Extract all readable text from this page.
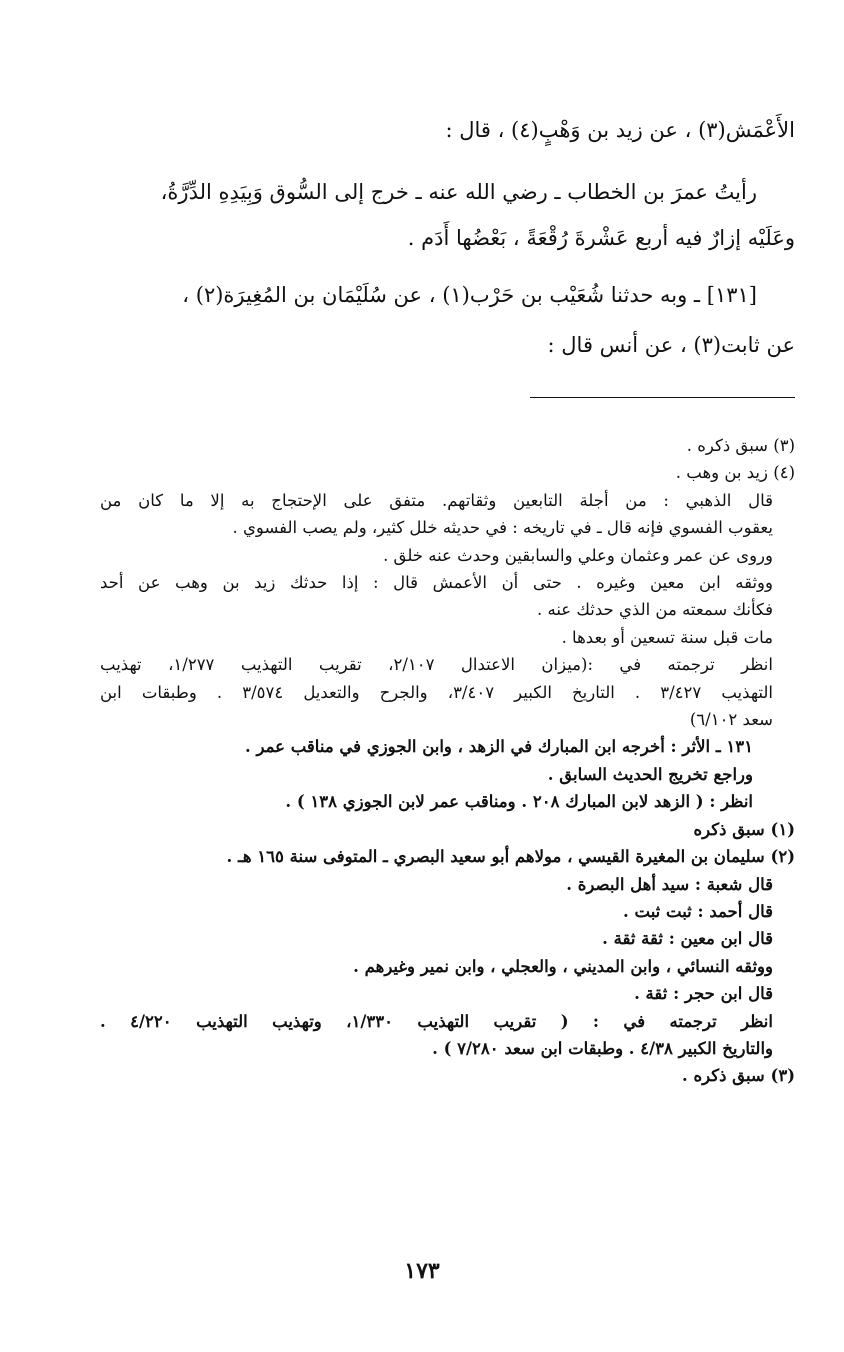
الأَعْمَش(٣) ، عن زيد بن وَهْبٍ(٤) ، قال :

رأيتُ عمرَ بن الخطاب ـ رضي الله عنه ـ خرج إلى السُّوق وَبِيَدِهِ الدِّرَّةُ،

وعَلَيْه إزارٌ فيه أربع عَشْرةَ رُقْعَةً ، بَعْضُها أَدَم .

[١٣١] ـ وبه حدثنا شُعَيْب بن حَرْب(١) ، عن سُلَيْمَان بن المُغِيرَة(٢) ،

عن ثابت(٣) ، عن أنس قال :

(٣) سبق ذكره .
(٤) زيد بن وهب .
قال الذهبي : من أجلة التابعين وثقاتهم. متفق على الإحتجاج به إلا ما كان من
يعقوب الفسوي فإنه قال ـ في تاريخه : في حديثه خلل كثير، ولم يصب الفسوي .
وروى عن عمر وعثمان وعلي والسابقين وحدث عنه خلق .
ووثقه ابن معين وغيره . حتى أن الأعمش قال : إذا حدثك زيد بن وهب عن أحد
فكأنك سمعته من الذي حدثك عنه .
مات قبل سنة تسعين أو بعدها .
انظر ترجمته في :(ميزان الاعتدال ٢/١٠٧، تقريب التهذيب ١/٢٧٧، تهذيب
التهذيب ٣/٤٢٧ . التاريخ الكبير ٣/٤٠٧، والجرح والتعديل ٣/٥٧٤ . وطبقات ابن
سعد ٦/١٠٢)
١٣١ ـ الأثر : أخرجه ابن المبارك في الزهد ، وابن الجوزي في مناقب عمر .
وراجع تخريج الحديث السابق .
انظر : ( الزهد لابن المبارك ٢٠٨ . ومناقب عمر لابن الجوزي ١٣٨ ) .
(١) سبق ذكره
(٢) سليمان بن المغيرة القيسي ، مولاهم أبو سعيد البصري ـ المتوفى سنة ١٦٥ هـ .
قال شعبة : سيد أهل البصرة .
قال أحمد : ثبت ثبت .
قال ابن معين : ثقة ثقة .
ووثقه النسائي ، وابن المديني ، والعجلي ، وابن نمير وغيرهم .
قال ابن حجر : ثقة .
انظر ترجمته في : ( تقريب التهذيب ١/٣٣٠، وتهذيب التهذيب ٤/٢٢٠ .
والتاريخ الكبير ٤/٣٨ . وطبقات ابن سعد ٧/٢٨٠ ) .
(٣) سبق ذكره .
١٧٣
